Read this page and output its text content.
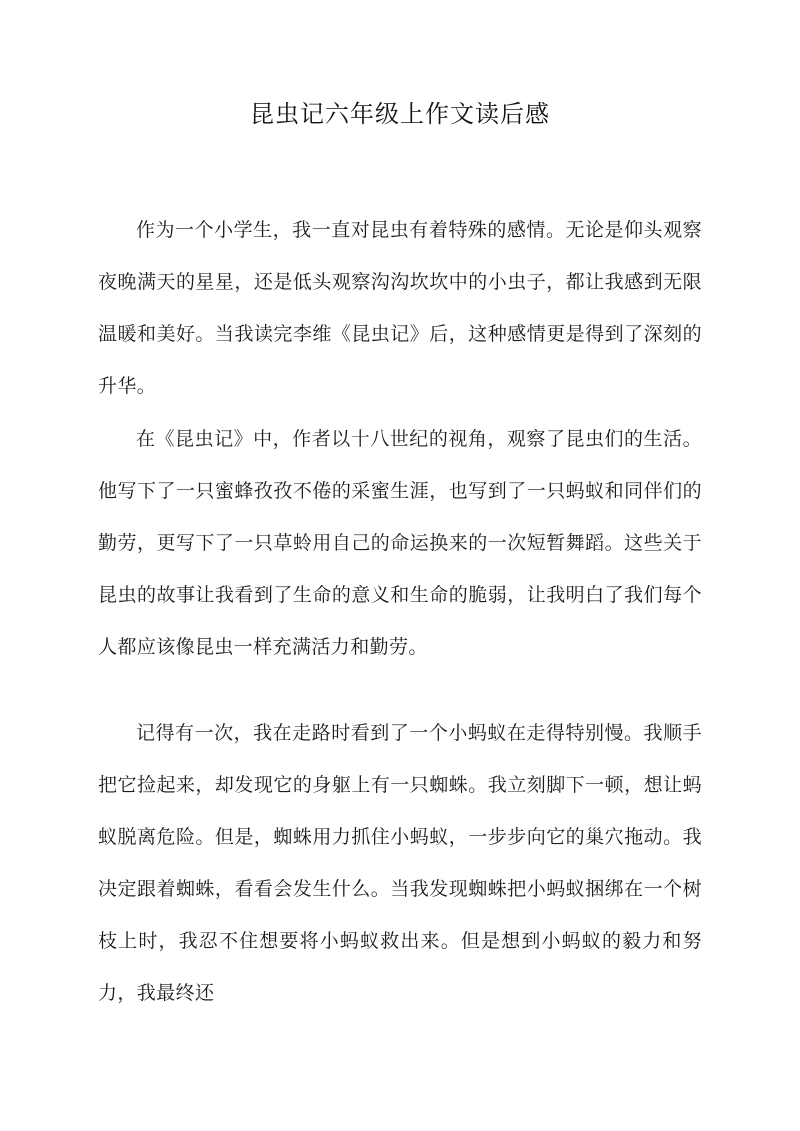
昆虫记六年级上作文读后感

作为一个小学生，我一直对昆虫有着特殊的感情。无论是仰头观察夜晚满天的星星，还是低头观察沟沟坎坎中的小虫子，都让我感到无限温暖和美好。当我读完李维《昆虫记》后，这种感情更是得到了深刻的升华。

在《昆虫记》中，作者以十八世纪的视角，观察了昆虫们的生活。他写下了一只蜜蜂孜孜不倦的采蜜生涯，也写到了一只蚂蚁和同伴们的勤劳，更写下了一只草蛉用自己的命运换来的一次短暂舞蹈。这些关于昆虫的故事让我看到了生命的意义和生命的脆弱，让我明白了我们每个人都应该像昆虫一样充满活力和勤劳。

记得有一次，我在走路时看到了一个小蚂蚁在走得特别慢。我顺手把它捡起来，却发现它的身躯上有一只蜘蛛。我立刻脚下一顿，想让蚂蚁脱离危险。但是，蜘蛛用力抓住小蚂蚁，一步步向它的巢穴拖动。我决定跟着蜘蛛，看看会发生什么。当我发现蜘蛛把小蚂蚁捆绑在一个树枝上时，我忍不住想要将小蚂蚁救出来。但是想到小蚂蚁的毅力和努力，我最终还
